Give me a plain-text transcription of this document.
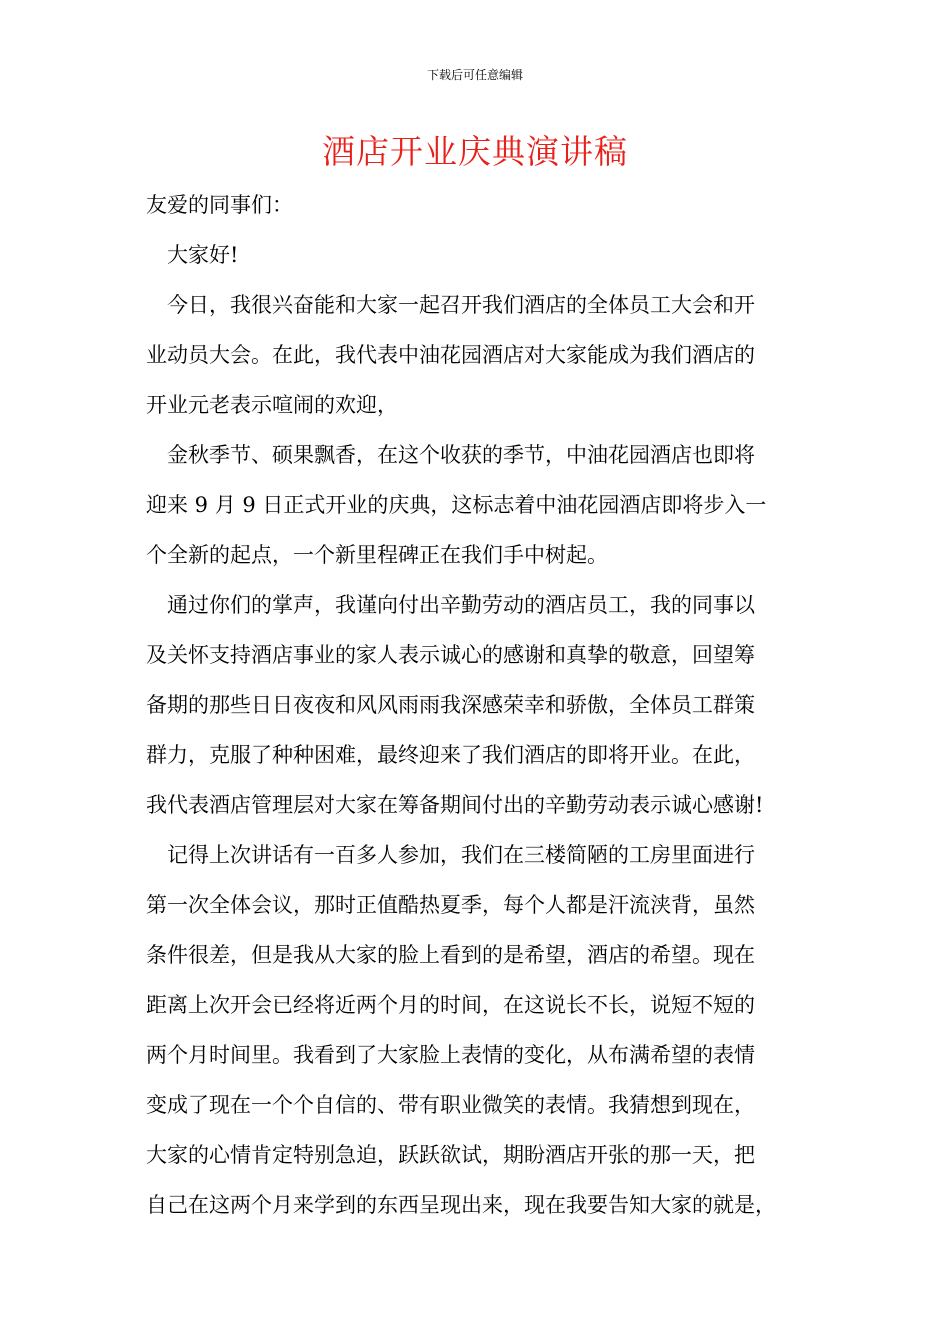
下载后可任意编辑
酒店开业庆典演讲稿
友爱的同事们：
大家好!
今日，我很兴奋能和大家一起召开我们酒店的全体员工大会和开
业动员大会。在此，我代表中油花园酒店对大家能成为我们酒店的
开业元老表示喧闹的欢迎，
金秋季节、硕果飘香，在这个收获的季节，中油花园酒店也即将
迎来 9 月 9 日正式开业的庆典，这标志着中油花园酒店即将步入一
个全新的起点，一个新里程碑正在我们手中树起。
通过你们的掌声，我谨向付出辛勤劳动的酒店员工，我的同事以
及关怀支持酒店事业的家人表示诚心的感谢和真挚的敬意，回望筹
备期的那些日日夜夜和风风雨雨我深感荣幸和骄傲，全体员工群策
群力，克服了种种困难，最终迎来了我们酒店的即将开业。在此，
我代表酒店管理层对大家在筹备期间付出的辛勤劳动表示诚心感谢!
记得上次讲话有一百多人参加，我们在三楼简陋的工房里面进行
第一次全体会议，那时正值酷热夏季，每个人都是汗流浃背，虽然
条件很差，但是我从大家的脸上看到的是希望，酒店的希望。现在
距离上次开会已经将近两个月的时间，在这说长不长，说短不短的
两个月时间里。我看到了大家脸上表情的变化，从布满希望的表情
变成了现在一个个自信的、带有职业微笑的表情。我猜想到现在，
大家的心情肯定特别急迫，跃跃欲试，期盼酒店开张的那一天，把
自己在这两个月来学到的东西呈现出来，现在我要告知大家的就是，
